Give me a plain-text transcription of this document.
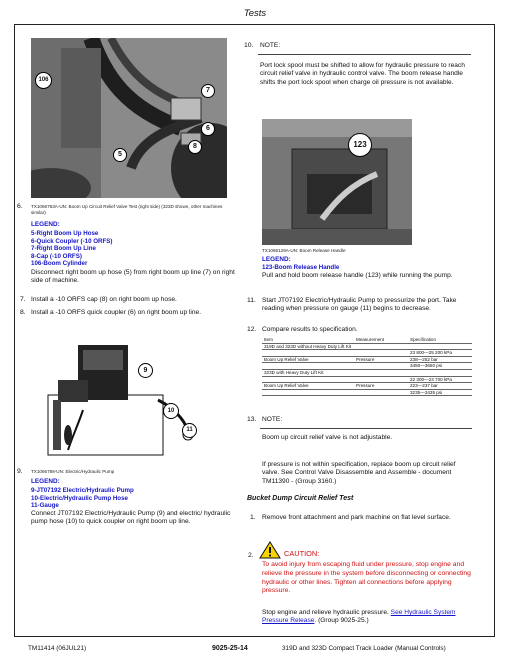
Tests
106
7
6
5
8
6. TX1066783A-UN: Boom Up Circuit Relief Valve Test (right side) (323D shown, other machines similar)
LEGEND:
5-Right Boom Up Hose
6-Quick Coupler (-10 ORFS)
7-Right Boom Up Line
8-Cap (-10 ORFS)
106-Boom Cylinder
Disconnect right boom up hose (5) from right boom up line (7) on right side of machine.
7. Install a -10 ORFS cap (8) on right boom up hose.
8. Install a -10 ORFS quick coupler (6) on right boom up line.
9
10
11
9. TX1066788-UN: Electric/Hydraulic Pump
LEGEND:
9-JT07192 Electric/Hydraulic Pump
10-Electric/Hydraulic Pump Hose
11-Gauge
Connect JT07192 Electric/Hydraulic Pump (9) and electric/ hydraulic pump hose (10) to quick coupler on right boom up line.
10. NOTE:
Port lock spool must be shifted to allow for hydraulic pressure to reach circuit relief valve in hydraulic control valve. The boom release handle shifts the port lock spool when charge oil pressure is not available.
123
TX1066129A-UN: Boom Release Handle
LEGEND:
123-Boom Release Handle
Pull and hold boom release handle (123) while running the pump.
11. Start JT07192 Electric/Hydraulic Pump to pressurize the port. Take reading when pressure on gauge (11) begins to decrease.
12. Compare results to specification.
Item	Measurement	Specification
319D and 323D without Heavy Duty Lift Kit		
		23 800—25 200 kPa
Boom Up Relief Valve	Pressure	238—252 bar
		3450—3650 psi
323D with Heavy Duty Lift Kit		
		22 300—23 700 kPa
Boom Up Relief Valve	Pressure	223—237 bar
		3235—3435 psi
13. NOTE:
Boom up circuit relief valve is not adjustable.
If pressure is not within specification, replace boom up circuit relief valve. See Control Valve Disassemble and Assemble - document TM11390 - (Group 3160.)
Bucket Dump Circuit Relief Test
1. Remove front attachment and park machine on flat level surface.
2.	CAUTION:
To avoid injury from escaping fluid under pressure, stop engine and relieve the pressure in the system before disconnecting or connecting hydraulic or other lines. Tighten all connections before applying pressure.
Stop engine and relieve hydraulic pressure. See Hydraulic System Pressure Release. (Group 9025-25.)
TM11414 (06JUL21)	9025-25-14	319D and 323D Compact Track Loader (Manual Controls)
